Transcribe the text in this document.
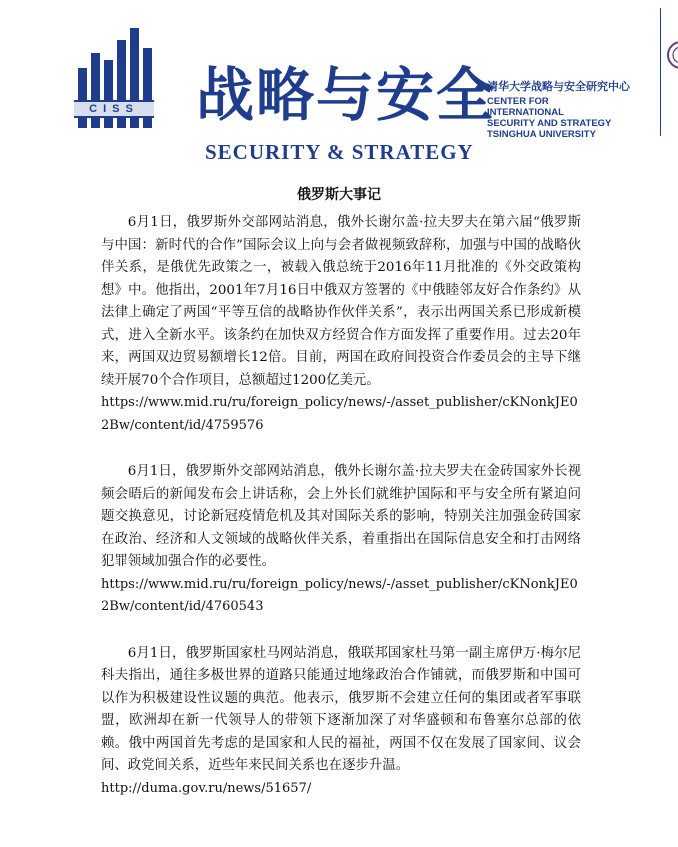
CISS 战略与安全
SECURITY & STRATEGY
清华大学战略与安全研究中心
CENTER FOR
INTERNATIONAL
SECURITY AND STRATEGY
TSINGHUA UNIVERSITY
俄罗斯大事记

6月1日，俄罗斯外交部网站消息，俄外长谢尔盖·拉夫罗夫在第六届“俄罗斯与中国：新时代的合作”国际会议上向与会者做视频致辞称，加强与中国的战略伙伴关系，是俄优先政策之一，被载入俄总统于2016年11月批准的《外交政策构想》中。他指出，2001年7月16日中俄双方签署的《中俄睦邻友好合作条约》从法律上确定了两国“平等互信的战略协作伙伴关系”，表示出两国关系已形成新模式，进入全新水平。该条约在加快双方经贸合作方面发挥了重要作用。过去20年来，两国双边贸易额增长12倍。目前，两国在政府间投资合作委员会的主导下继续开展70个合作项目，总额超过1200亿美元。

https://www.mid.ru/ru/foreign_policy/news/-/asset_publisher/cKNonkJE02Bw/content/id/4759576

6月1日，俄罗斯外交部网站消息，俄外长谢尔盖·拉夫罗夫在金砖国家外长视频会晤后的新闻发布会上讲话称，会上外长们就维护国际和平与安全所有紧迫问题交换意见，讨论新冠疫情危机及其对国际关系的影响，特别关注加强金砖国家在政治、经济和人文领域的战略伙伴关系，着重指出在国际信息安全和打击网络犯罪领域加强合作的必要性。

https://www.mid.ru/ru/foreign_policy/news/-/asset_publisher/cKNonkJE02Bw/content/id/4760543

6月1日，俄罗斯国家杜马网站消息，俄联邦国家杜马第一副主席伊万·梅尔尼科夫指出，通往多极世界的道路只能通过地缘政治合作铺就，而俄罗斯和中国可以作为积极建设性议题的典范。他表示，俄罗斯不会建立任何的集团或者军事联盟，欧洲却在新一代领导人的带领下逐渐加深了对华盛顿和布鲁塞尔总部的依赖。俄中两国首先考虑的是国家和人民的福祉，两国不仅在发展了国家间、议会间、政党间关系，近些年来民间关系也在逐步升温。

http://duma.gov.ru/news/51657/
